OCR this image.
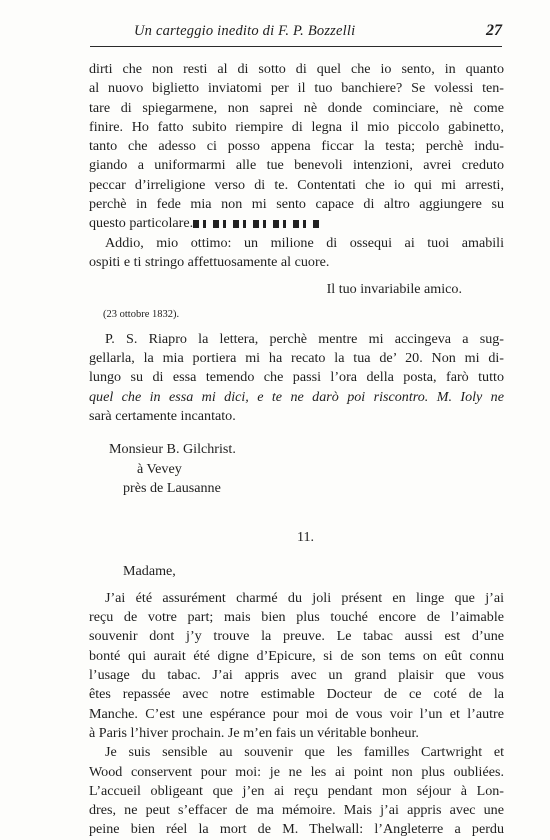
Un carteggio inedito di F. P. Bozzelli	27
dirti che non resti al di sotto di quel che io sento, in quanto
al nuovo biglietto inviatomi per il tuo banchiere? Se volessi ten-
tare di spiegarmene, non saprei nè donde cominciare, nè come
finire. Ho fatto subito riempire di legna il mio piccolo gabinetto,
tanto che adesso ci posso appena ficcar la testa; perchè indu-
giando a uniformarmi alle tue benevoli intenzioni, avrei creduto
peccar d’irreligione verso di te. Contentati che io qui mi arresti,
perchè in fede mia non mi sento capace di altro aggiungere su
questo particolare.
Addio, mio ottimo: un milione di ossequi ai tuoi amabili
ospiti e ti stringo affettuosamente al cuore.
Il tuo invariabile amico.
(23 ottobre 1832).
P. S. Riapro la lettera, perchè mentre mi accingeva a sug-
gellarla, la mia portiera mi ha recato la tua de’ 20. Non mi di-
lungo su di essa temendo che passi l’ora della posta, farò tutto
quel che in essa mi dici, e te ne darò poi riscontro. M. Ioly ne
sarà certamente incantato.
Monsieur B. Gilchrist.
à Vevey
près de Lausanne
11.
Madame,
J’ai été assurément charmé du joli présent en linge que j’ai
reçu de votre part; mais bien plus touché encore de l’aimable
souvenir dont j’y trouve la preuve. Le tabac aussi est d’une
bonté qui aurait été digne d’Epicure, si de son tems on eût connu
l’usage du tabac. J’ai appris avec un grand plaisir que vous
êtes repassée avec notre estimable Docteur de ce coté de la
Manche. C’est une espérance pour moi de vous voir l’un et l’autre
à Paris l’hiver prochain. Je m’en fais un véritable bonheur.
Je suis sensible au souvenir que les familles Cartwright et
Wood conservent pour moi: je ne les ai point non plus oubliées.
L’accueil obligeant que j’en ai reçu pendant mon séjour à Lon-
dres, ne peut s’effacer de ma mémoire. Mais j’ai appris avec une
peine bien réel la mort de M. Thelwall: l’Angleterre a perdu
